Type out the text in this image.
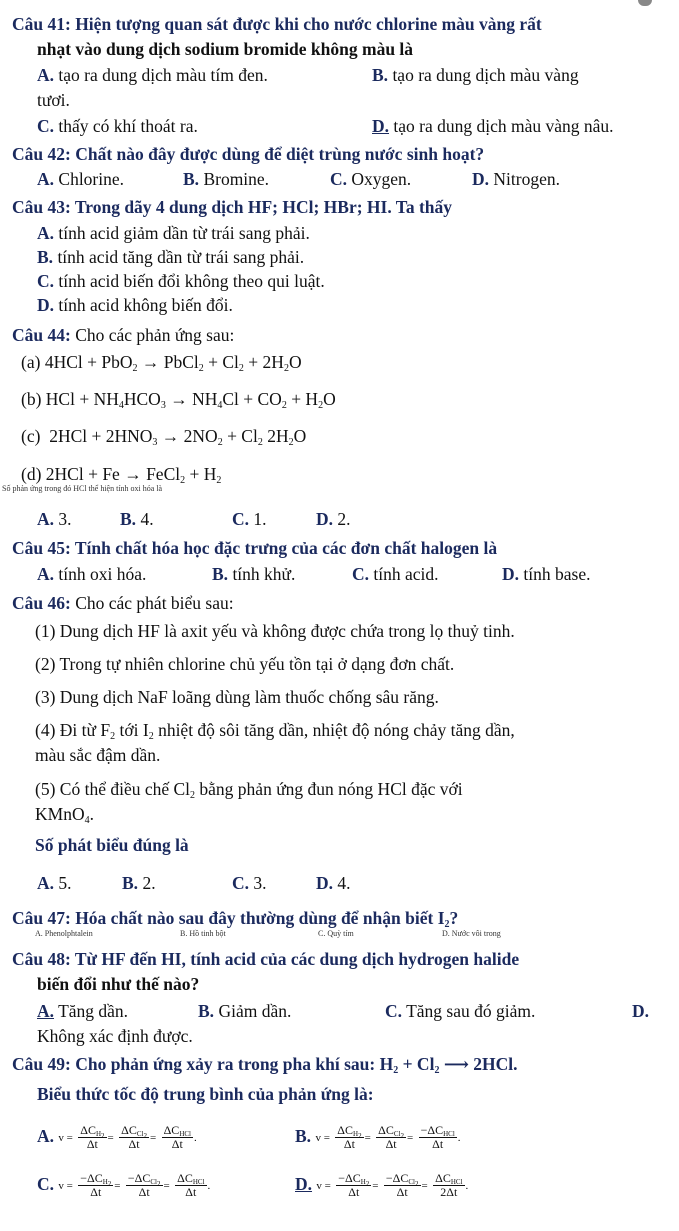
Câu 41: Hiện tượng quan sát được khi cho nước chlorine màu vàng rất
nhạt vào dung dịch sodium bromide không màu là
A. tạo ra dung dịch màu tím đen.	B. tạo ra dung dịch màu vàng
tươi.
C. thấy có khí thoát ra.	D. tạo ra dung dịch màu vàng nâu.
Câu 42: Chất nào đây được dùng để diệt trùng nước sinh hoạt?
A. Chlorine.	B. Bromine.	C. Oxygen.	D. Nitrogen.
Câu 43: Trong dãy 4 dung dịch HF; HCl; HBr; HI. Ta thấy
A. tính acid giảm dần từ trái sang phải.
B. tính acid tăng dần từ trái sang phải.
C. tính acid biến đổi không theo qui luật.
D. tính acid không biến đổi.
Câu 44: Cho các phản ứng sau:
(a) 4HCl + PbO$_2$ → PbCl$_2$ + $Cl_2 + 2H_2O$
(b) HCl + $NH_4HCO_3 \to NH_4Cl + CO_2 + H_2O$
(c)  $2HCl + 2HNO_3 \to 2NO_2 + Cl_2$ $2H_2O$
(d) 2HCl + Fe → FeCl$_2$ + $H_2$
Số phản ứng trong đó HCl thể hiện tính oxi hóa là
A. 3.	B. 4.	C. 1.	D. 2.
Câu 45: Tính chất hóa học đặc trưng của các đơn chất halogen là
A. tính oxi hóa.	B. tính khử.	C. tính acid.	D. tính base.
Câu 46: Cho các phát biểu sau:
(1) Dung dịch HF là axit yếu và không được chứa trong lọ thuỷ tinh.
(2) Trong tự nhiên chlorine chủ yếu tồn tại ở dạng đơn chất.
(3) Dung dịch NaF loãng dùng làm thuốc chống sâu răng.
(4) Đi từ $F_2$ tới $I_2$ nhiệt độ sôi tăng dần, nhiệt độ nóng chảy tăng dần,
màu sắc đậm dần.
(5) Có thể điều chế $Cl_2$ bằng phản ứng đun nóng HCl đặc với
KMnO$_4$.
Số phát biểu đúng là
A. 5.	B. 2.	C. 3.	D. 4.
Câu 47: Hóa chất nào sau đây thường dùng để nhận biết $I_2$?
A. Phenolphtalein	B. Hồ tinh bột	C. Quỳ tím	D. Nước vôi trong
Câu 48: Từ HF đến HI, tính acid của các dung dịch hydrogen halide
biến đổi như thế nào?
A. Tăng dần.	B. Giảm dần.	C. Tăng sau đó giảm.	D.
Không xác định được.
Câu 49: Cho phản ứng xảy ra trong pha khí sau: $H_2 + Cl_2$ ⟶ 2HCl.
Biểu thức tốc độ trung bình của phản ứng là:
A. $v = \frac{\Delta C_{H_2}}{\Delta t} = \frac{\Delta C_{Cl_2}}{\Delta t} = \frac{\Delta C_{HCl}}{\Delta t}$ .	B. $v = \frac{\Delta C_{H_2}}{\Delta t} = \frac{\Delta C_{Cl_2}}{\Delta t} = \frac{-\Delta C_{HCl}}{\Delta t}$ .
C. $v = \frac{-\Delta C_{H_2}}{\Delta t} = \frac{-\Delta C_{Cl_2}}{\Delta t} = \frac{\Delta C_{HCl}}{\Delta t}$ .	D. $v = \frac{-\Delta C_{H_2}}{\Delta t} = \frac{-\Delta C_{Cl_2}}{\Delta t} = \frac{\Delta C_{HCl}}{2\Delta t}$ .
